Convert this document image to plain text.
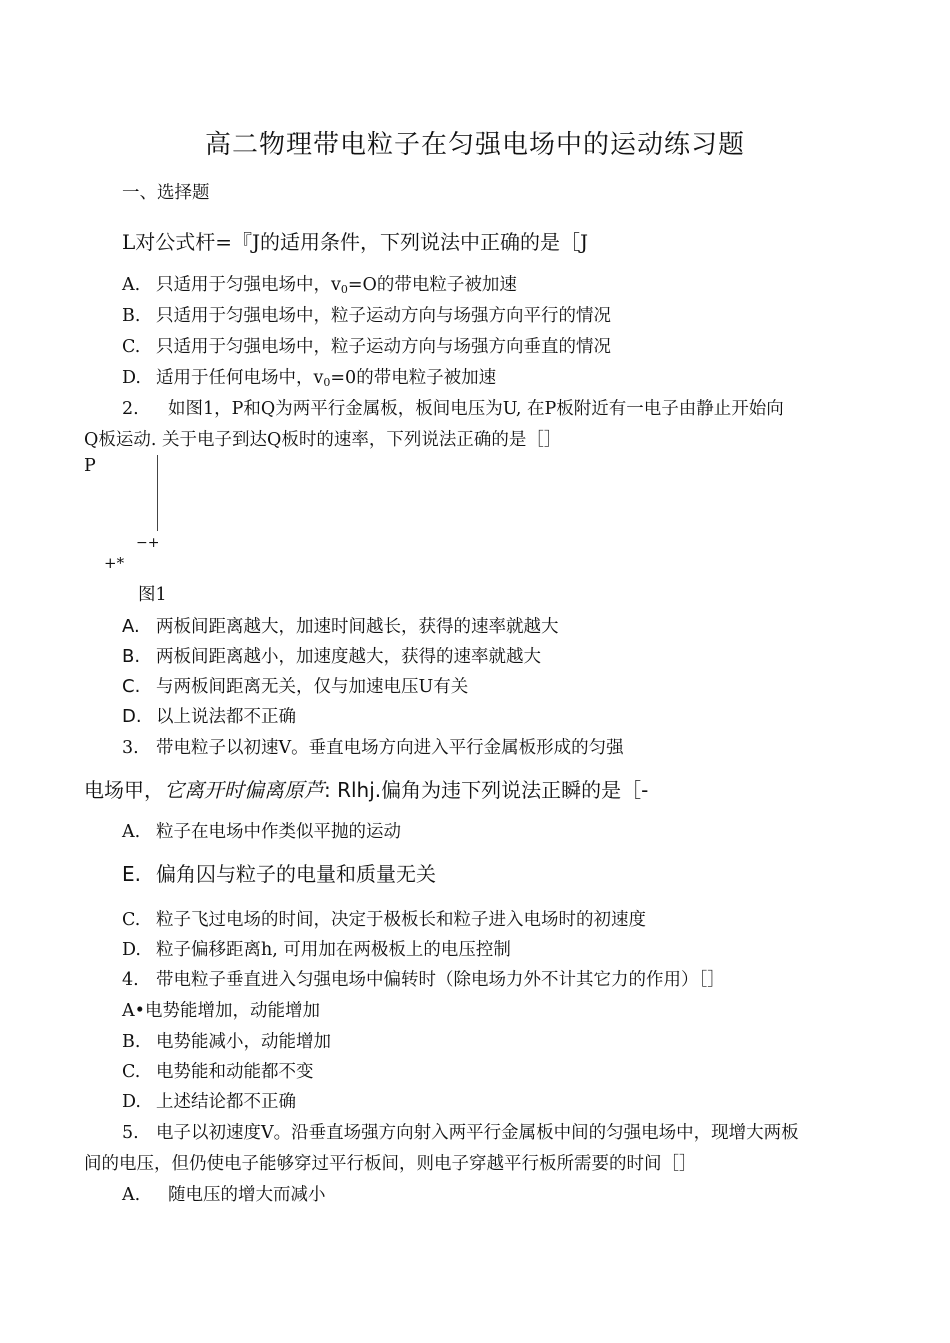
高二物理带电粒子在匀强电场中的运动练习题
一、选择题
L对公式杆=『J的适用条件，下列说法中正确的是［J
A. 只适用于匀强电场中，$v_0=O$的带电粒子被加速
B. 只适用于匀强电场中，粒子运动方向与场强方向平行的情况
C. 只适用于匀强电场中，粒子运动方向与场强方向垂直的情况
D. 适用于任何电场中，$v_0=0$的带电粒子被加速
2. 如图1，P和Q为两平行金属板，板间电压为U, 在P板附近有一电子由静止开始向
Q板运动. 关于电子到达Q板时的速率，下列说法正确的是［］
P
−+
+*
图1
A. 两板间距离越大，加速时间越长，获得的速率就越大
B. 两板间距离越小，加速度越大，获得的速率就越大
C. 与两板间距离无关，仅与加速电压U有关
D. 以上说法都不正确
3. 带电粒子以初速V。垂直电场方向进入平行金属板形成的匀强
电场甲，它离开时偏离原芦: Rlhj.偏角为违下列说法正瞬的是［-
A. 粒子在电场中作类似平抛的运动
E. 偏角囚与粒子的电量和质量无关
C. 粒子飞过电场的时间，决定于极板长和粒子进入电场时的初速度
D. 粒子偏移距离h, 可用加在两极板上的电压控制
4. 带电粒子垂直进入匀强电场中偏转时（除电场力外不计其它力的作用）［］
A•电势能增加，动能增加
B. 电势能减小，动能增加
C. 电势能和动能都不变
D. 上述结论都不正确
5. 电子以初速度V。沿垂直场强方向射入两平行金属板中间的匀强电场中，现增大两板
间的电压，但仍使电子能够穿过平行板间，则电子穿越平行板所需要的时间［］
A. 随电压的增大而减小
